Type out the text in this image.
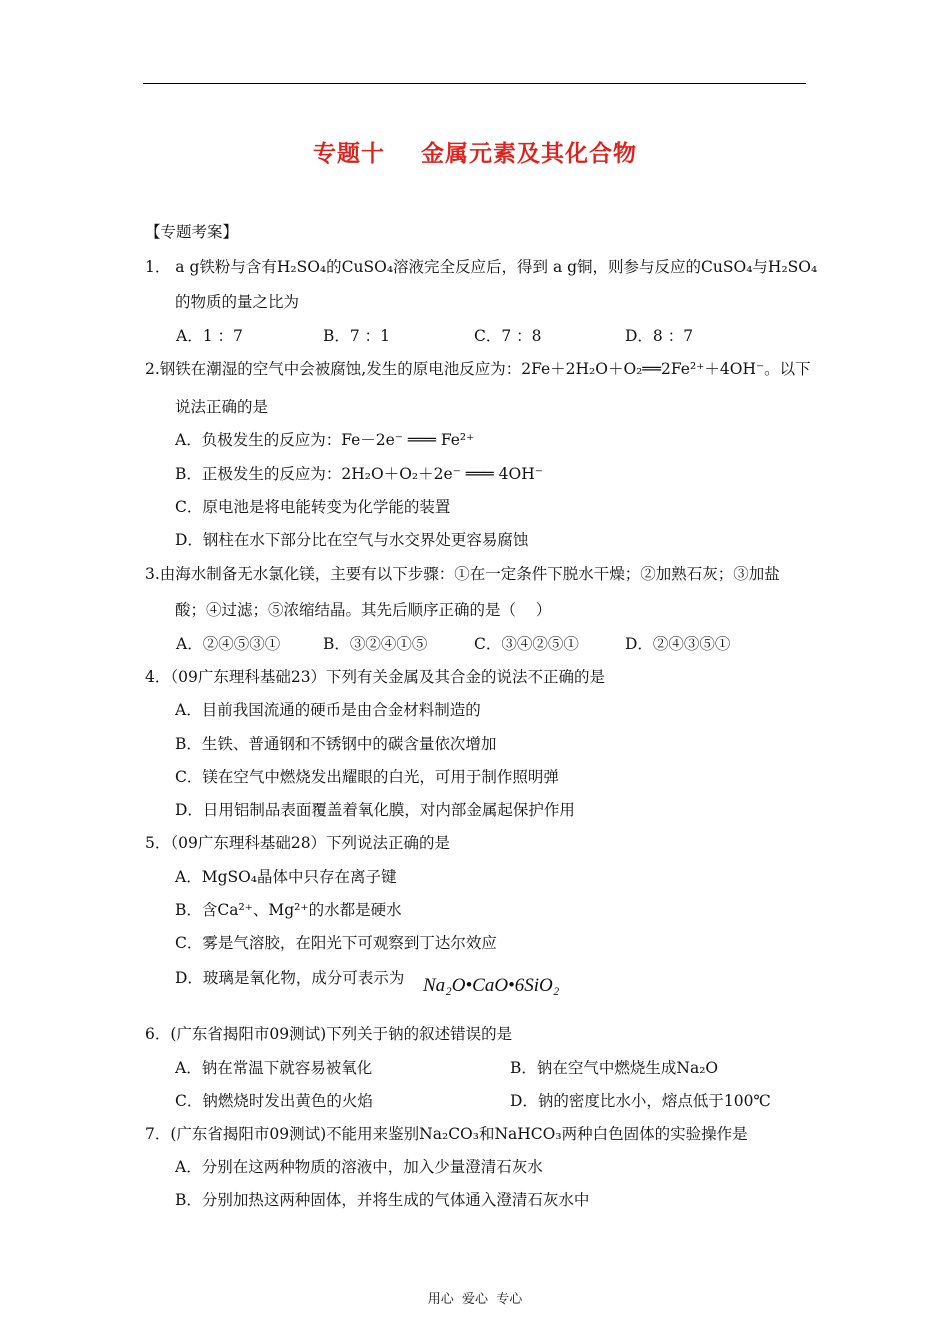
专题十    金属元素及其化合物
【专题考案】
1． a g铁粉与含有H₂SO₄的CuSO₄溶液完全反应后，得到 a g铜，则参与反应的CuSO₄与H₂SO₄
的物质的量之比为
A．1 ：7	B．7 ：1	C．7 ：8	D．8 ：7
2.钢铁在潮湿的空气中会被腐蚀,发生的原电池反应为：2Fe＋2H₂O＋O₂══2Fe²⁺＋4OH⁻。以下
说法正确的是
A．负极发生的反应为：Fe－2e⁻ ═══ Fe²⁺
B．正极发生的反应为：2H₂O＋O₂＋2e⁻ ═══ 4OH⁻
C．原电池是将电能转变为化学能的装置
D．钢柱在水下部分比在空气与水交界处更容易腐蚀
3.由海水制备无水氯化镁，主要有以下步骤：①在一定条件下脱水干燥；②加熟石灰；③加盐
酸；④过滤；⑤浓缩结晶。其先后顺序正确的是（    ）
A．②④⑤③①	B．③②④①⑤	C．③④②⑤①	D．②④③⑤①
4．（09广东理科基础23）下列有关金属及其合金的说法不正确的是
A．目前我国流通的硬币是由合金材料制造的
B．生铁、普通钢和不锈钢中的碳含量依次增加
C．镁在空气中燃烧发出耀眼的白光，可用于制作照明弹
D．日用铝制品表面覆盖着氧化膜，对内部金属起保护作用
5．（09广东理科基础28）下列说法正确的是
A．MgSO₄晶体中只存在离子键
B．含Ca²⁺、Mg²⁺的水都是硬水
C．雾是气溶胶，在阳光下可观察到丁达尔效应
D．玻璃是氧化物，成分可表示为 Na₂O•CaO•6SiO₂
6．(广东省揭阳市09测试)下列关于钠的叙述错误的是
A．钠在常温下就容易被氧化	B．钠在空气中燃烧生成Na₂O
C．钠燃烧时发出黄色的火焰	D．钠的密度比水小，熔点低于100℃
7．(广东省揭阳市09测试)不能用来鉴别Na₂CO₃和NaHCO₃两种白色固体的实验操作是
A．分别在这两种物质的溶液中，加入少量澄清石灰水
B．分别加热这两种固体，并将生成的气体通入澄清石灰水中
用心  爱心  专心
